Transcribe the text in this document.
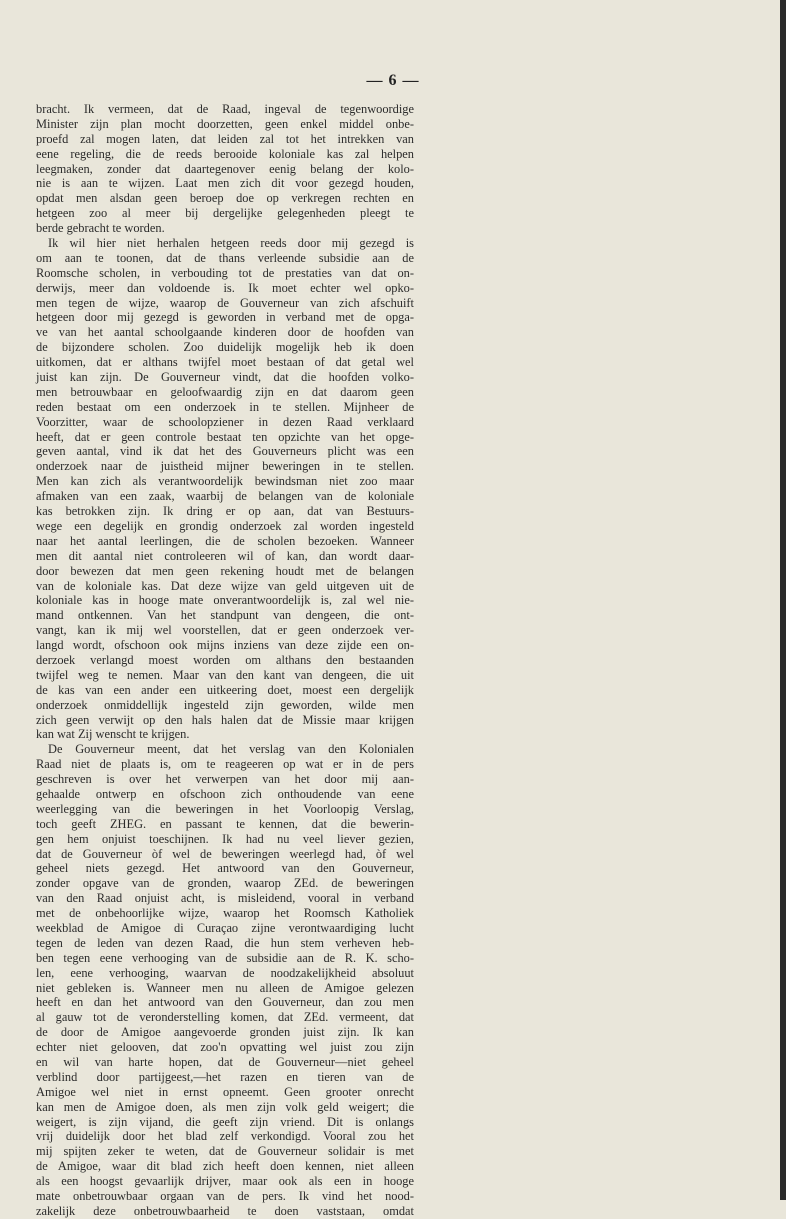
— 6 —
bracht. Ik vermeen, dat de Raad, ingeval de tegenwoordige
Minister zijn plan mocht doorzetten, geen enkel middel onbe-
proefd zal mogen laten, dat leiden zal tot het intrekken van
eene regeling, die de reeds berooide koloniale kas zal helpen
leegmaken, zonder dat daartegenover eenig belang der kolo-
nie is aan te wijzen. Laat men zich dit voor gezegd houden,
opdat men alsdan geen beroep doe op verkregen rechten en
hetgeen zoo al meer bij dergelijke gelegenheden pleegt te
berde gebracht te worden.
Ik wil hier niet herhalen hetgeen reeds door mij gezegd is
om aan te toonen, dat de thans verleende subsidie aan de
Roomsche scholen, in verbouding tot de prestaties van dat on-
derwijs, meer dan voldoende is. Ik moet echter wel opko-
men tegen de wijze, waarop de Gouverneur van zich afschuift
hetgeen door mij gezegd is geworden in verband met de opga-
ve van het aantal schoolgaande kinderen door de hoofden van
de bijzondere scholen. Zoo duidelijk mogelijk heb ik doen
uitkomen, dat er althans twijfel moet bestaan of dat getal wel
juist kan zijn. De Gouverneur vindt, dat die hoofden volko-
men betrouwbaar en geloofwaardig zijn en dat daarom geen
reden bestaat om een onderzoek in te stellen. Mijnheer de
Voorzitter, waar de schoolopziener in dezen Raad verklaard
heeft, dat er geen controle bestaat ten opzichte van het opge-
geven aantal, vind ik dat het des Gouverneurs plicht was een
onderzoek naar de juistheid mijner beweringen in te stellen.
Men kan zich als verantwoordelijk bewindsman niet zoo maar
afmaken van een zaak, waarbij de belangen van de koloniale
kas betrokken zijn. Ik dring er op aan, dat van Bestuurs-
wege een degelijk en grondig onderzoek zal worden ingesteld
naar het aantal leerlingen, die de scholen bezoeken. Wanneer
men dit aantal niet controleeren wil of kan, dan wordt daar-
door bewezen dat men geen rekening houdt met de belangen
van de koloniale kas. Dat deze wijze van geld uitgeven uit de
koloniale kas in hooge mate onverantwoordelijk is, zal wel nie-
mand ontkennen. Van het standpunt van dengeen, die ont-
vangt, kan ik mij wel voorstellen, dat er geen onderzoek ver-
langd wordt, ofschoon ook mijns inziens van deze zijde een on-
derzoek verlangd moest worden om althans den bestaanden
twijfel weg te nemen. Maar van den kant van dengeen, die uit
de kas van een ander een uitkeering doet, moest een dergelijk
onderzoek onmiddellijk ingesteld zijn geworden, wilde men
zich geen verwijt op den hals halen dat de Missie maar krijgen
kan wat Zij wenscht te krijgen.
De Gouverneur meent, dat het verslag van den Kolonialen
Raad niet de plaats is, om te reageeren op wat er in de pers
geschreven is over het verwerpen van het door mij aan-
gehaalde ontwerp en ofschoon zich onthoudende van eene
weerlegging van die beweringen in het Voorloopig Verslag,
toch geeft ZHEG. en passant te kennen, dat die bewerin-
gen hem onjuist toeschijnen. Ik had nu veel liever gezien,
dat de Gouverneur òf wel de beweringen weerlegd had, òf wel
geheel niets gezegd. Het antwoord van den Gouverneur,
zonder opgave van de gronden, waarop ZEd. de beweringen
van den Raad onjuist acht, is misleidend, vooral in verband
met de onbehoorlijke wijze, waarop het Roomsch Katholiek
weekblad de Amigoe di Curaçao zijne verontwaardiging lucht
tegen de leden van dezen Raad, die hun stem verheven heb-
ben tegen eene verhooging van de subsidie aan de R. K. scho-
len, eene verhooging, waarvan de noodzakelijkheid absoluut
niet gebleken is. Wanneer men nu alleen de Amigoe gelezen
heeft en dan het antwoord van den Gouverneur, dan zou men
al gauw tot de veronderstelling komen, dat ZEd. vermeent, dat
de door de Amigoe aangevoerde gronden juist zijn. Ik kan
echter niet gelooven, dat zoo'n opvatting wel juist zou zijn
en wil van harte hopen, dat de Gouverneur—niet geheel
verblind door partijgeest,—het razen en tieren van de
Amigoe wel niet in ernst opneemt. Geen grooter onrecht
kan men de Amigoe doen, als men zijn volk geld weigert; die
weigert, is zijn vijand, die geeft zijn vriend. Dit is onlangs
vrij duidelijk door het blad zelf verkondigd. Vooral zou het
mij spijten zeker te weten, dat de Gouverneur solidair is met
de Amigoe, waar dit blad zich heeft doen kennen, niet alleen
als een hoogst gevaarlijk drijver, maar ook als een in hooge
mate onbetrouwbaar orgaan van de pers. Ik vind het nood-
zakelijk deze onbetrouwbaarheid te doen vaststaan, omdat
